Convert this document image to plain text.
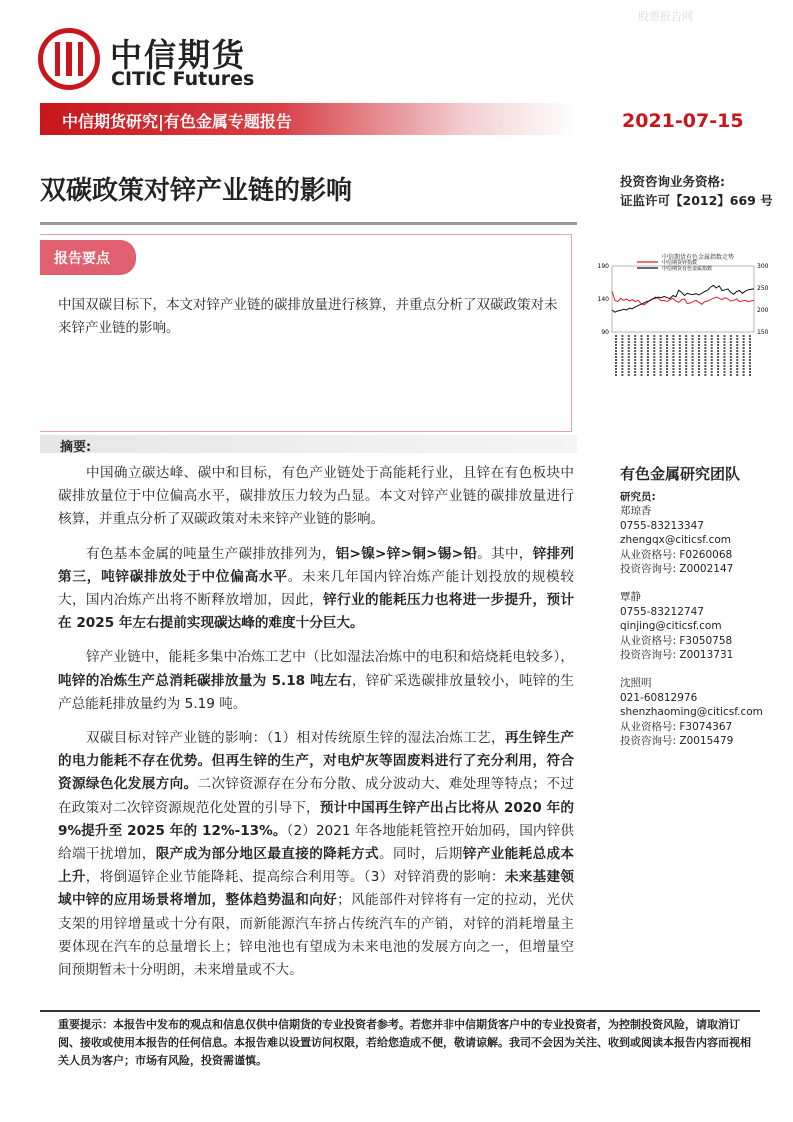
股票报告网
中信期货
CITIC Futures
中信期货研究|有色金属专题报告	2021-07-15
双碳政策对锌产业链的影响	投资咨询业务资格:
证监许可【2012】669 号
报告要点
中国双碳目标下，本文对锌产业链的碳排放量进行核算，并重点分析了双碳政策对未来锌产业链的影响。
中信期货有色金属指数走势
190
140
90
300
250
200
150
中信期货锌指数
中信期货有色金属指数
摘要:

中国确立碳达峰、碳中和目标，有色产业链处于高能耗行业，且锌在有色板块中碳排放量位于中位偏高水平，碳排放压力较为凸显。本文对锌产业链的碳排放量进行核算，并重点分析了双碳政策对未来锌产业链的影响。

有色基本金属的吨量生产碳排放排列为，铝>镍>锌>铜>锡>铅。其中，锌排列第三，吨锌碳排放处于中位偏高水平。未来几年国内锌冶炼产能计划投放的规模较大，国内冶炼产出将不断释放增加，因此，锌行业的能耗压力也将进一步提升，预计在 2025 年左右提前实现碳达峰的难度十分巨大。

锌产业链中，能耗多集中冶炼工艺中（比如湿法冶炼中的电积和焙烧耗电较多），吨锌的冶炼生产总消耗碳排放量为 5.18 吨左右，锌矿采选碳排放量较小，吨锌的生产总能耗排放量约为 5.19 吨。

双碳目标对锌产业链的影响：（1）相对传统原生锌的湿法冶炼工艺，再生锌生产的电力能耗不存在优势。但再生锌的生产，对电炉灰等固废料进行了充分利用，符合资源绿色化发展方向。二次锌资源存在分布分散、成分波动大、难处理等特点；不过在政策对二次锌资源规范化处置的引导下，预计中国再生锌产出占比将从 2020 年的 9%提升至 2025 年的 12%-13%。（2）2021 年各地能耗管控开始加码，国内锌供给端干扰增加，限产成为部分地区最直接的降耗方式。同时，后期锌产业能耗总成本上升，将倒逼锌企业节能降耗、提高综合利用等。（3）对锌消费的影响：未来基建领域中锌的应用场景将增加，整体趋势温和向好；风能部件对锌将有一定的拉动，光伏支架的用锌增量或十分有限，而新能源汽车挤占传统汽车的产销，对锌的消耗增量主要体现在汽车的总量增长上；锌电池也有望成为未来电池的发展方向之一，但增量空间预期暂未十分明朗，未来增量或不大。

有色金属研究团队
研究员:
郑琼香
0755-83213347
zhengqx@citicsf.com
从业资格号: F0260068
投资咨询号: Z0002147
覃静
0755-83212747
qinjing@citicsf.com
从业资格号: F3050758
投资咨询号: Z0013731
沈照明
021-60812976
shenzhaoming@citicsf.com
从业资格号: F3074367
投资咨询号: Z0015479
重要提示：本报告中发布的观点和信息仅供中信期货的专业投资者参考。若您并非中信期货客户中的专业投资者，为控制投资风险，请取消订阅、接收或使用本报告的任何信息。本报告难以设置访问权限，若给您造成不便，敬请谅解。我司不会因为关注、收到或阅读本报告内容而视相关人员为客户；市场有风险，投资需谨慎。
